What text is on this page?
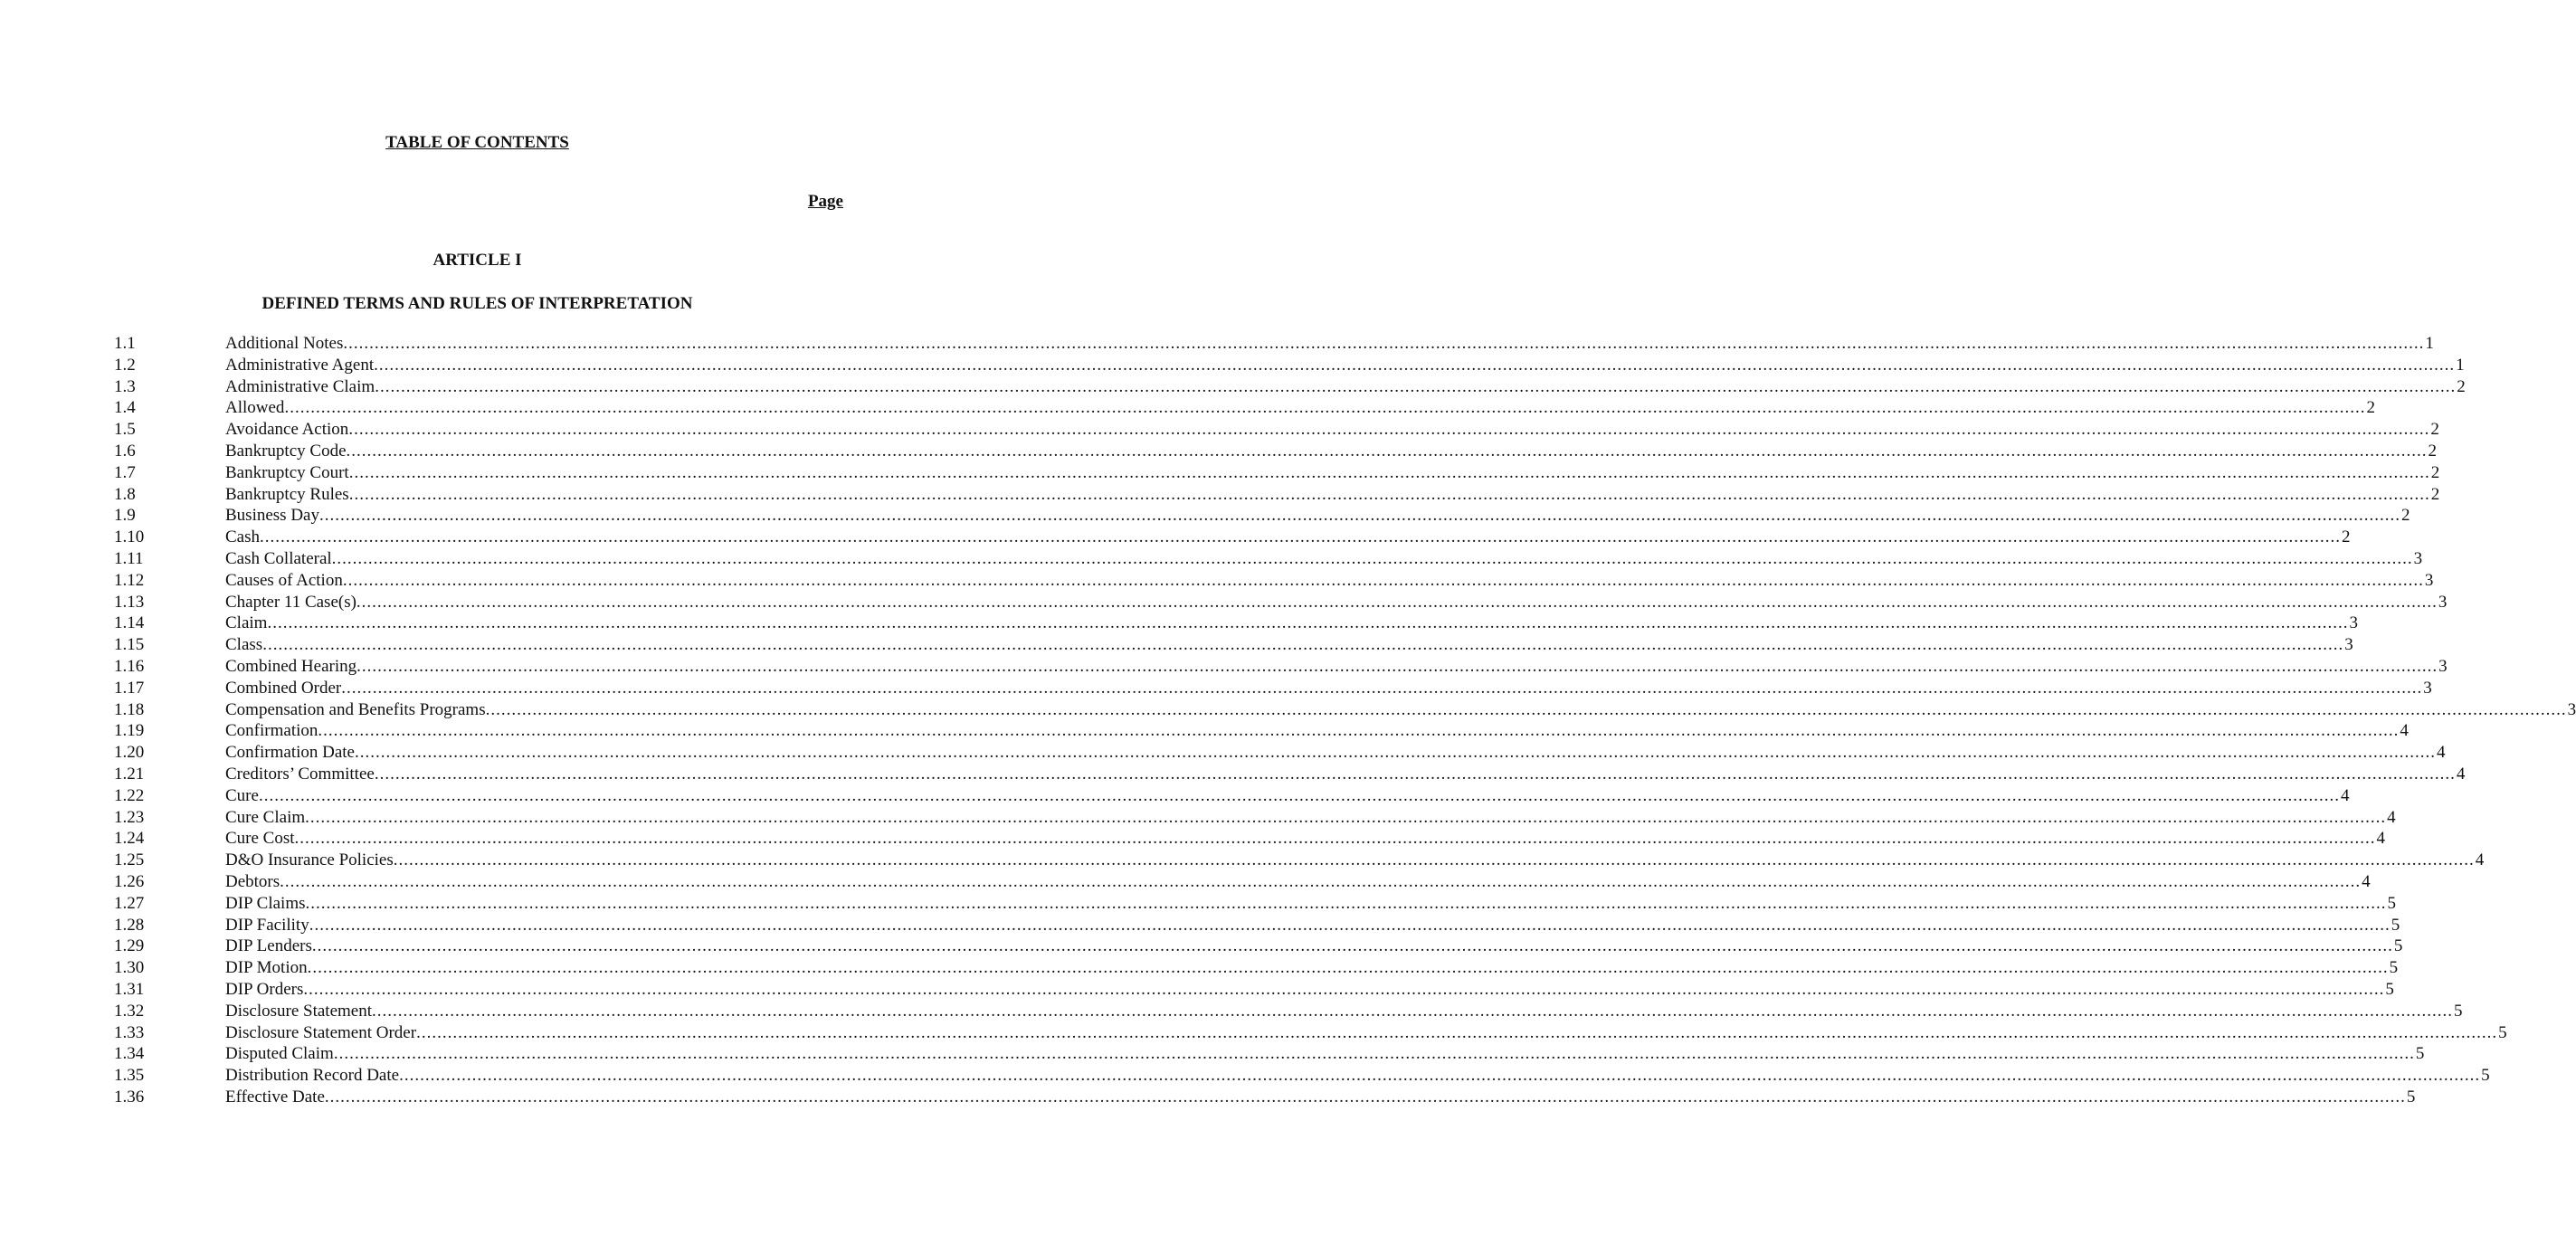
TABLE OF CONTENTS
Page
ARTICLE I
DEFINED TERMS AND RULES OF INTERPRETATION
1.1	Additional Notes ................................................................................................................................................................................................................................................................................................................................................................................................................ 1
1.2	Administrative Agent ................................................................................................................................................................................................................................................................................................................................................................................................................ 1
1.3	Administrative Claim ................................................................................................................................................................................................................................................................................................................................................................................................................ 2
1.4	Allowed ................................................................................................................................................................................................................................................................................................................................................................................................................ 2
1.5	Avoidance Action ................................................................................................................................................................................................................................................................................................................................................................................................................ 2
1.6	Bankruptcy Code ................................................................................................................................................................................................................................................................................................................................................................................................................ 2
1.7	Bankruptcy Court ................................................................................................................................................................................................................................................................................................................................................................................................................ 2
1.8	Bankruptcy Rules ................................................................................................................................................................................................................................................................................................................................................................................................................ 2
1.9	Business Day ................................................................................................................................................................................................................................................................................................................................................................................................................ 2
1.10	Cash ................................................................................................................................................................................................................................................................................................................................................................................................................ 2
1.11	Cash Collateral ................................................................................................................................................................................................................................................................................................................................................................................................................ 3
1.12	Causes of Action ................................................................................................................................................................................................................................................................................................................................................................................................................ 3
1.13	Chapter 11 Case(s) ................................................................................................................................................................................................................................................................................................................................................................................................................ 3
1.14	Claim ................................................................................................................................................................................................................................................................................................................................................................................................................ 3
1.15	Class ................................................................................................................................................................................................................................................................................................................................................................................................................ 3
1.16	Combined Hearing ................................................................................................................................................................................................................................................................................................................................................................................................................ 3
1.17	Combined Order ................................................................................................................................................................................................................................................................................................................................................................................................................ 3
1.18	Compensation and Benefits Programs ................................................................................................................................................................................................................................................................................................................................................................................................................ 3
1.19	Confirmation ................................................................................................................................................................................................................................................................................................................................................................................................................ 4
1.20	Confirmation Date ................................................................................................................................................................................................................................................................................................................................................................................................................ 4
1.21	Creditors’ Committee ................................................................................................................................................................................................................................................................................................................................................................................................................ 4
1.22	Cure ................................................................................................................................................................................................................................................................................................................................................................................................................ 4
1.23	Cure Claim ................................................................................................................................................................................................................................................................................................................................................................................................................ 4
1.24	Cure Cost ................................................................................................................................................................................................................................................................................................................................................................................................................ 4
1.25	D&O Insurance Policies ................................................................................................................................................................................................................................................................................................................................................................................................................ 4
1.26	Debtors ................................................................................................................................................................................................................................................................................................................................................................................................................ 4
1.27	DIP Claims ................................................................................................................................................................................................................................................................................................................................................................................................................ 5
1.28	DIP Facility ................................................................................................................................................................................................................................................................................................................................................................................................................ 5
1.29	DIP Lenders ................................................................................................................................................................................................................................................................................................................................................................................................................ 5
1.30	DIP Motion ................................................................................................................................................................................................................................................................................................................................................................................................................ 5
1.31	DIP Orders ................................................................................................................................................................................................................................................................................................................................................................................................................ 5
1.32	Disclosure Statement ................................................................................................................................................................................................................................................................................................................................................................................................................ 5
1.33	Disclosure Statement Order ................................................................................................................................................................................................................................................................................................................................................................................................................ 5
1.34	Disputed Claim ................................................................................................................................................................................................................................................................................................................................................................................................................ 5
1.35	Distribution Record Date ................................................................................................................................................................................................................................................................................................................................................................................................................ 5
1.36	Effective Date ................................................................................................................................................................................................................................................................................................................................................................................................................ 5
